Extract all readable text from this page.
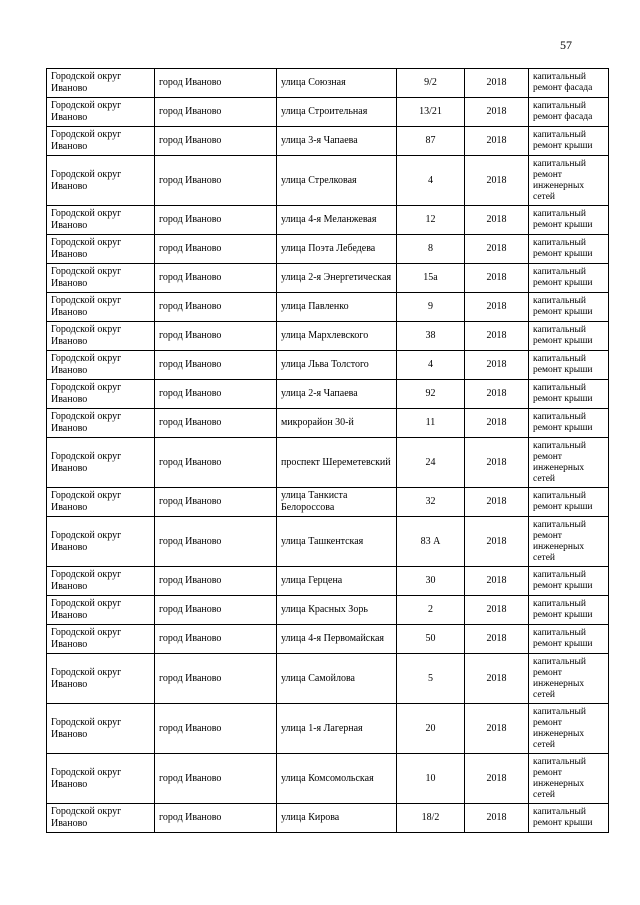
57
Городской округ Иваново	город Иваново	улица Союзная	9/2	2018	капитальный ремонт фасада
Городской округ Иваново	город Иваново	улица Строительная	13/21	2018	капитальный ремонт фасада
Городской округ Иваново	город Иваново	улица 3-я Чапаева	87	2018	капитальный ремонт крыши
Городской округ Иваново	город Иваново	улица Стрелковая	4	2018	капитальный ремонт инженерных сетей
Городской округ Иваново	город Иваново	улица 4-я Меланжевая	12	2018	капитальный ремонт крыши
Городской округ Иваново	город Иваново	улица Поэта Лебедева	8	2018	капитальный ремонт крыши
Городской округ Иваново	город Иваново	улица 2-я Энергетическая	15а	2018	капитальный ремонт крыши
Городской округ Иваново	город Иваново	улица Павленко	9	2018	капитальный ремонт крыши
Городской округ Иваново	город Иваново	улица Мархлевского	38	2018	капитальный ремонт крыши
Городской округ Иваново	город Иваново	улица Льва Толстого	4	2018	капитальный ремонт крыши
Городской округ Иваново	город Иваново	улица 2-я Чапаева	92	2018	капитальный ремонт крыши
Городской округ Иваново	город Иваново	микрорайон 30-й	11	2018	капитальный ремонт крыши
Городской округ Иваново	город Иваново	проспект Шереметевский	24	2018	капитальный ремонт инженерных сетей
Городской округ Иваново	город Иваново	улица Танкиста Белороссова	32	2018	капитальный ремонт крыши
Городской округ Иваново	город Иваново	улица Ташкентская	83 А	2018	капитальный ремонт инженерных сетей
Городской округ Иваново	город Иваново	улица Герцена	30	2018	капитальный ремонт крыши
Городской округ Иваново	город Иваново	улица Красных Зорь	2	2018	капитальный ремонт крыши
Городской округ Иваново	город Иваново	улица 4-я Первомайская	50	2018	капитальный ремонт крыши
Городской округ Иваново	город Иваново	улица Самойлова	5	2018	капитальный ремонт инженерных сетей
Городской округ Иваново	город Иваново	улица 1-я Лагерная	20	2018	капитальный ремонт инженерных сетей
Городской округ Иваново	город Иваново	улица Комсомольская	10	2018	капитальный ремонт инженерных сетей
Городской округ Иваново	город Иваново	улица Кирова	18/2	2018	капитальный ремонт крыши
